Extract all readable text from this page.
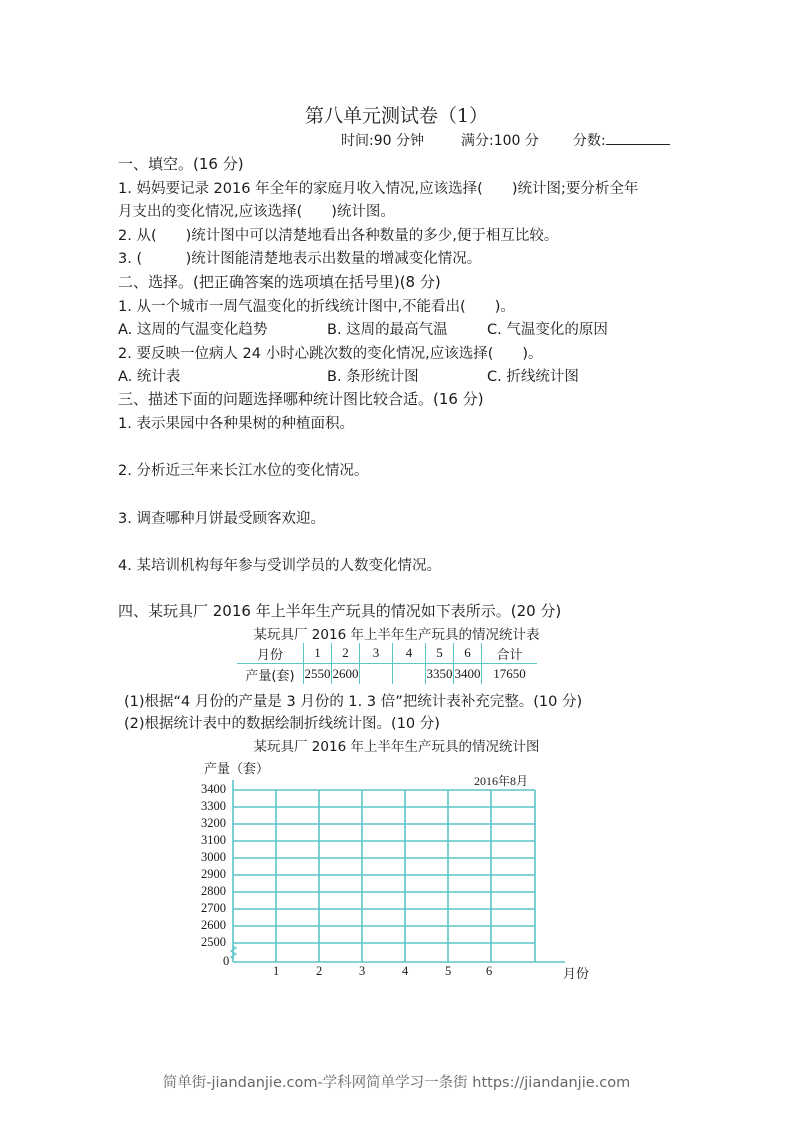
第八单元测试卷（1）
时间:90 分钟	满分:100 分 分数:
一、填空。(16 分)
1. 妈妈要记录 2016 年全年的家庭月收入情况,应该选择(　　)统计图;要分析全年
月支出的变化情况,应该选择(　　)统计图。
2. 从(　　)统计图中可以清楚地看出各种数量的多少,便于相互比较。
3. (　　　)统计图能清楚地表示出数量的增减变化情况。
二、选择。(把正确答案的选项填在括号里)(8 分)
1. 从一个城市一周气温变化的折线统计图中,不能看出(　　)。
A. 这周的气温变化趋势	B. 这周的最高气温	C. 气温变化的原因
2. 要反映一位病人 24 小时心跳次数的变化情况,应该选择(　　)。
A. 统计表	B. 条形统计图	C. 折线统计图
三、描述下面的问题选择哪种统计图比较合适。(16 分)
1. 表示果园中各种果树的种植面积。
2. 分析近三年来长江水位的变化情况。
3. 调查哪种月饼最受顾客欢迎。
4. 某培训机构每年参与受训学员的人数变化情况。
四、某玩具厂 2016 年上半年生产玩具的情况如下表所示。(20 分)
某玩具厂 2016 年上半年生产玩具的情况统计表
月份	1	2	3	4	5	6	合计
产量(套)	2550	2600			3350	3400	17650
(1)根据“4 月份的产量是 3 月份的 1. 3 倍”把统计表补充完整。(10 分)
(2)根据统计表中的数据绘制折线统计图。(10 分)
某玩具厂 2016 年上半年生产玩具的情况统计图
产量（套）
2016年8月
3400
3300
3200
3100
3000
2900
2800
2700
2600
2500
0
1	2	3	4	5	6	月份
简单街-jiandanjie.com-学科网简单学习一条街 https://jiandanjie.com
